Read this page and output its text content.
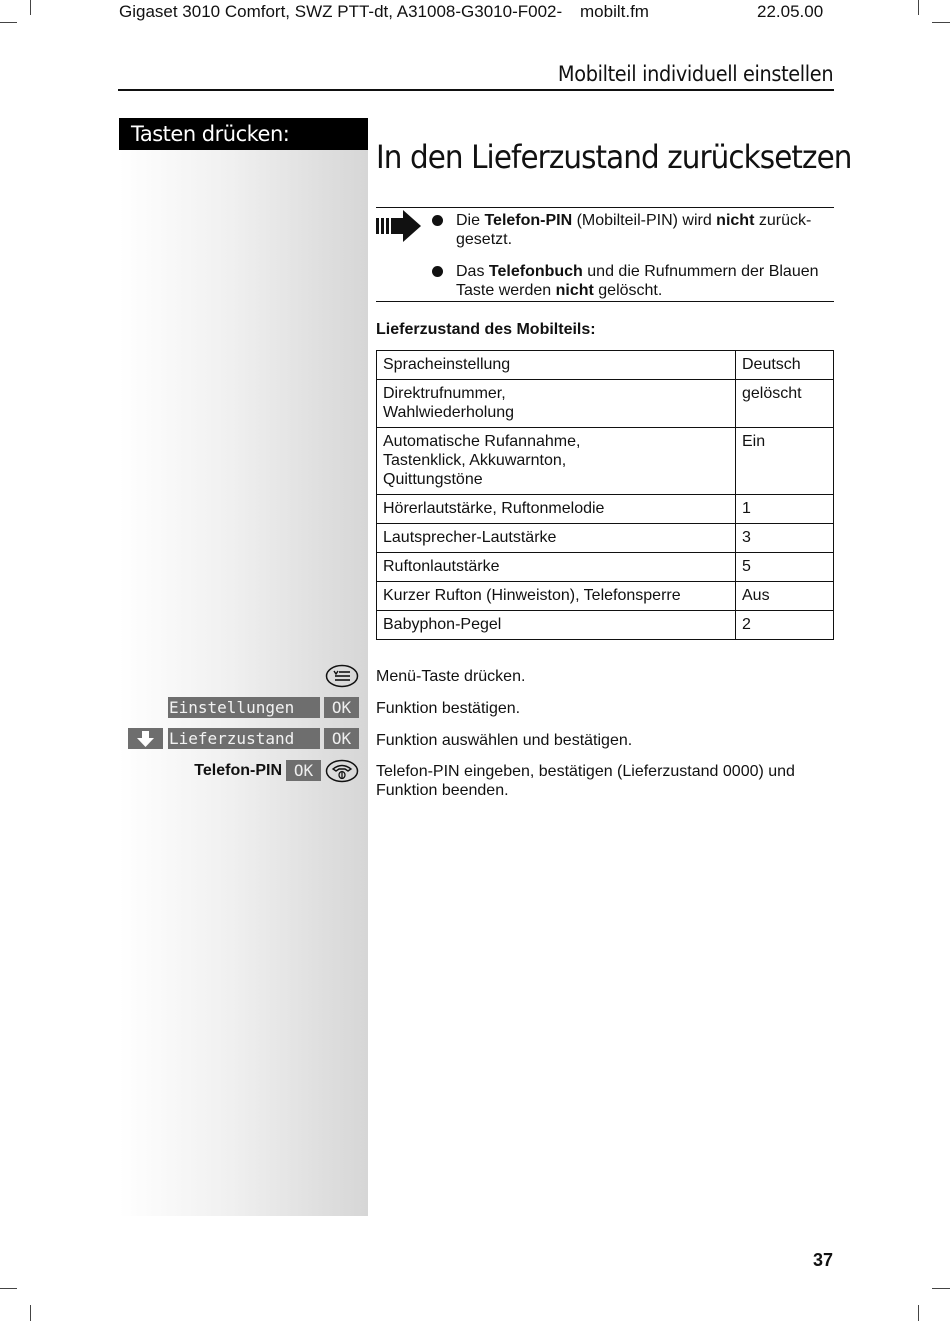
Gigaset 3010 Comfort, SWZ PTT-dt, A31008-G3010-F002- mobilt.fm	22.05.00
Mobilteil individuell einstellen
Tasten drücken:
In den Lieferzustand zurücksetzen
Die Telefon-PIN (Mobilteil-PIN) wird nicht zurück-gesetzt.
Das Telefonbuch und die Rufnummern der Blauen Taste werden nicht gelöscht.
Lieferzustand des Mobilteils:
Spracheinstellung	Deutsch
Direktrufnummer,
Wahlwiederholung	gelöscht
Automatische Rufannahme,
Tastenklick, Akkuwarnton,
Quittungstöne	Ein
Hörerlautstärke, Ruftonmelodie	1
Lautsprecher-Lautstärke	3
Ruftonlautstärke	5
Kurzer Rufton (Hinweiston), Telefonsperre	Aus
Babyphon-Pegel	2
Menü-Taste drücken.
Einstellungen	OK	Funktion bestätigen.
Lieferzustand	OK	Funktion auswählen und bestätigen.
Telefon-PIN OK	Telefon-PIN eingeben, bestätigen (Lieferzustand 0000) und Funktion beenden.
37
